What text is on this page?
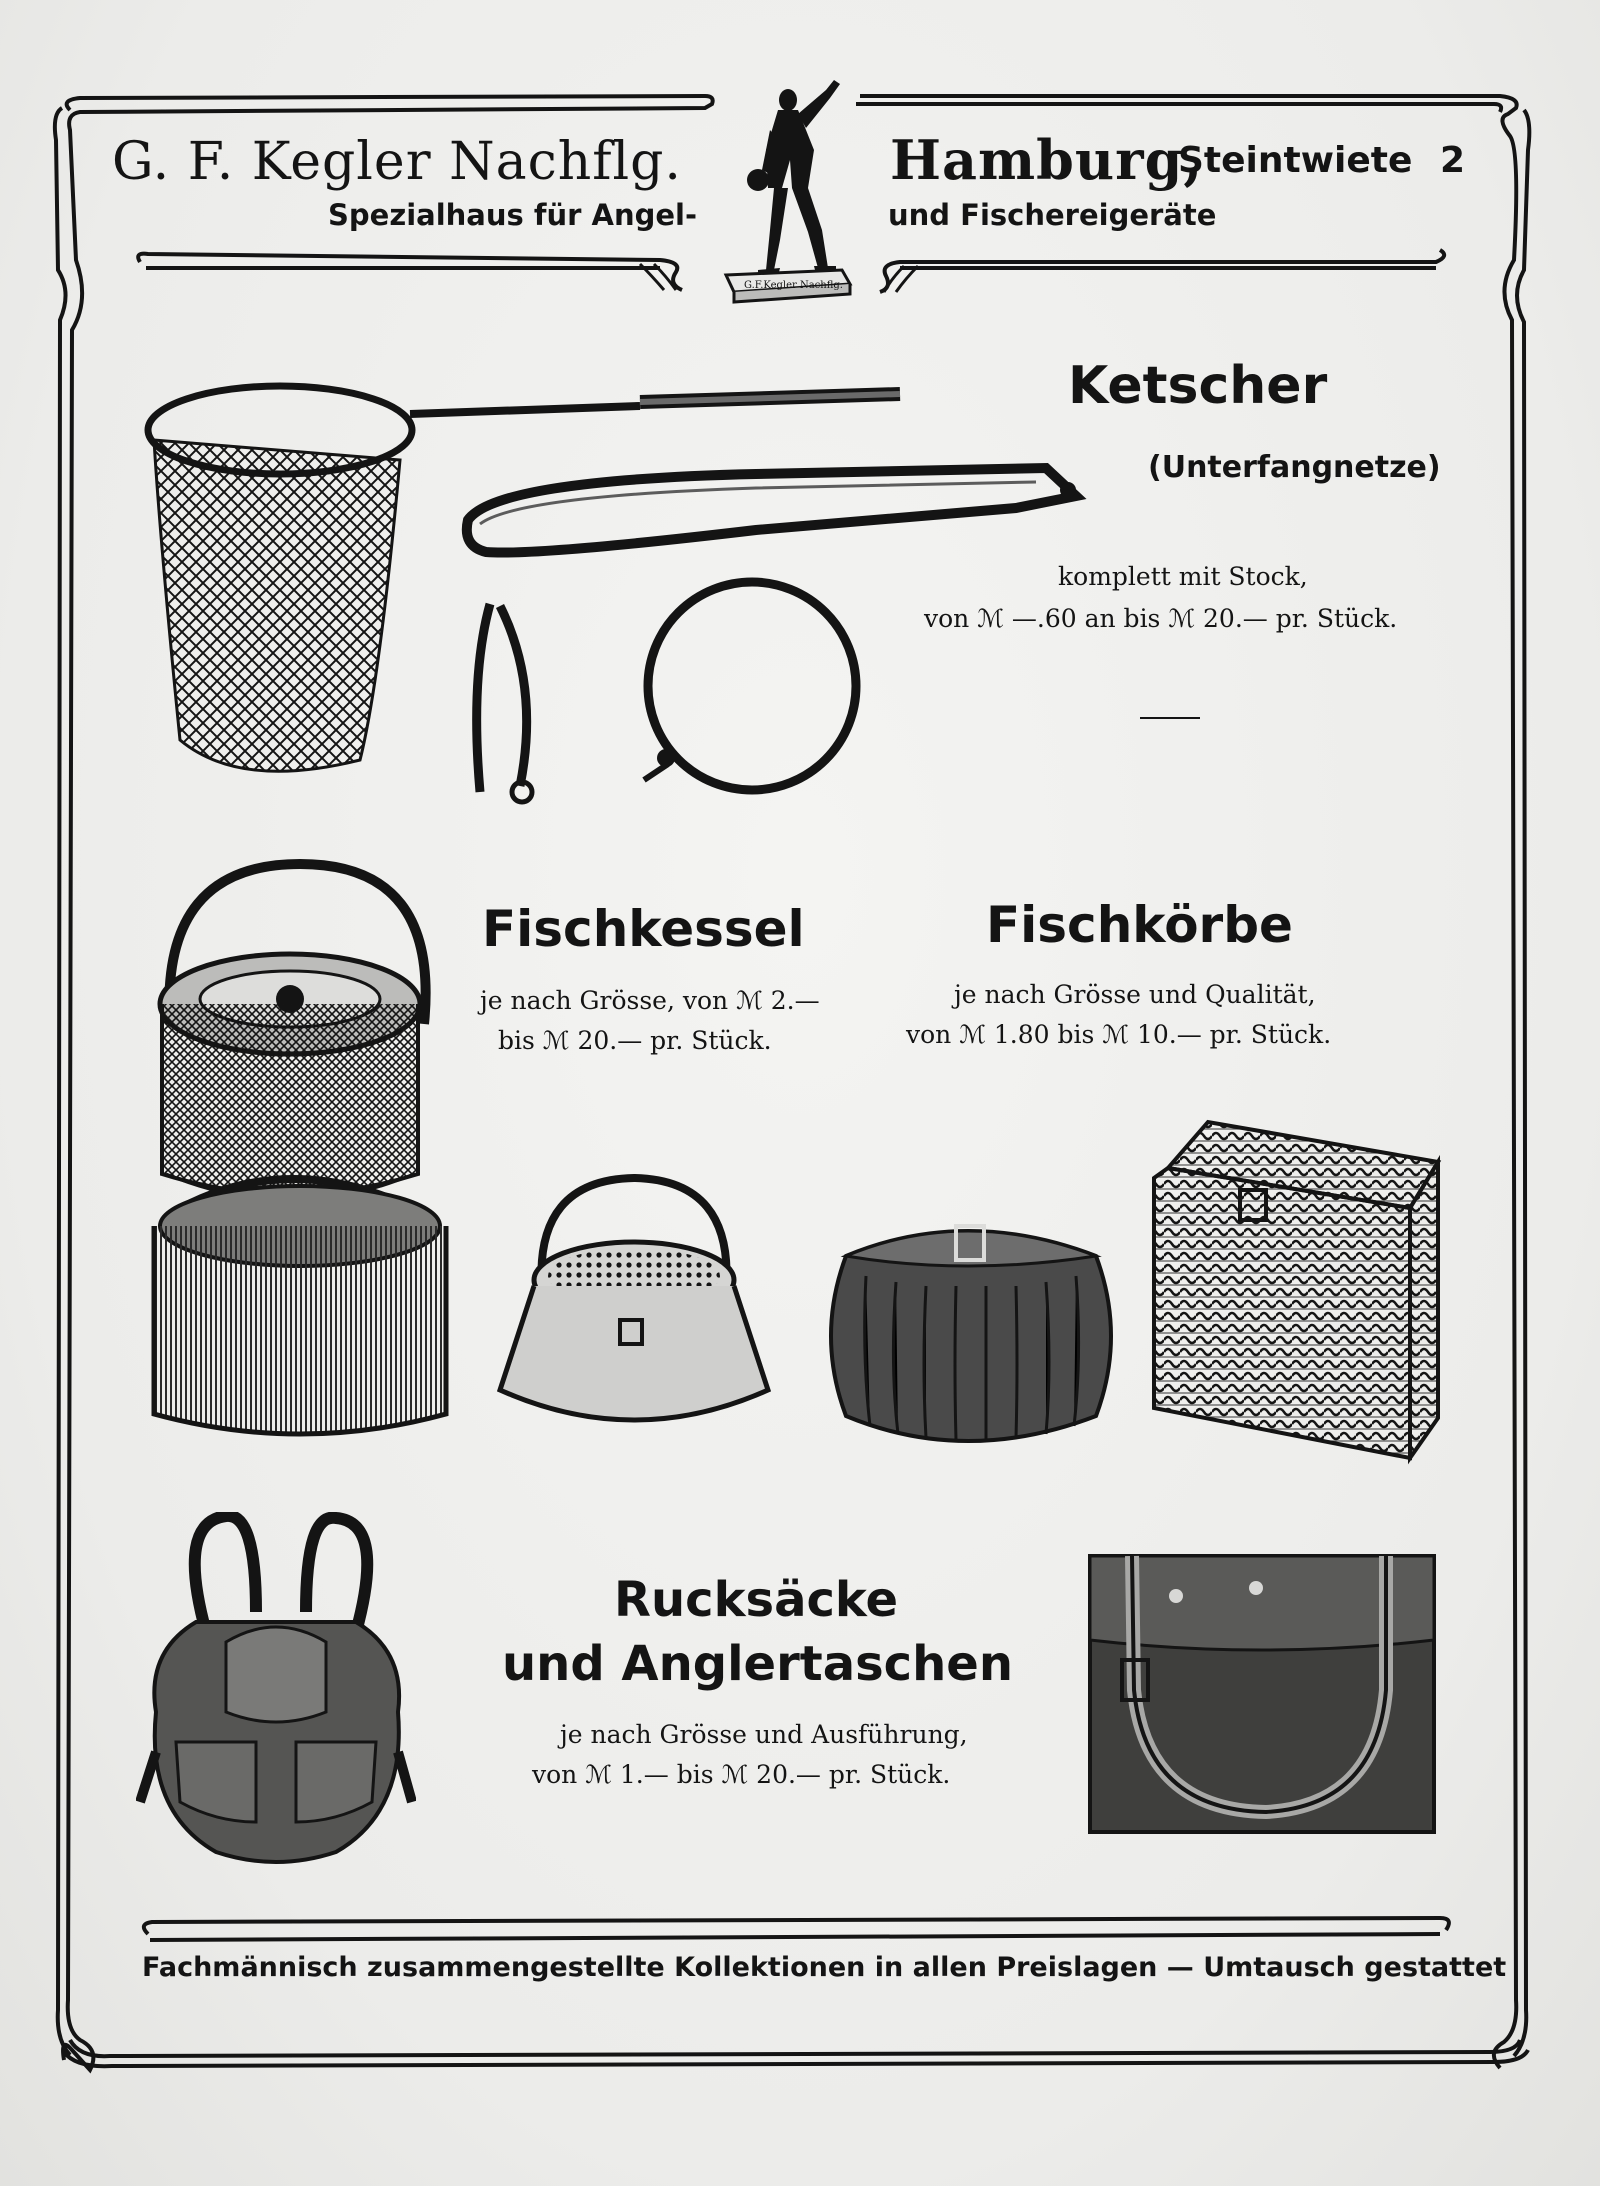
G. F. Kegler Nachflg.
Spezialhaus für Angel-
Hamburg,
Steintwiete 2
und Fischereigeräte
G.F.Kegler Nachflg.
Ketscher
(Unterfangnetze)
komplett mit Stock,
von ℳ —.60 an bis ℳ 20.— pr. Stück.
Fischkessel
je nach Grösse, von ℳ 2.—
bis ℳ 20.— pr. Stück.
Fischkörbe
je nach Grösse und Qualität,
von ℳ 1.80 bis ℳ 10.— pr. Stück.
Rucksäcke
und Anglertaschen
je nach Grösse und Ausführung,
von ℳ 1.— bis ℳ 20.— pr. Stück.
Fachmännisch zusammengestellte Kollektionen in allen Preislagen — Umtausch gestattet
